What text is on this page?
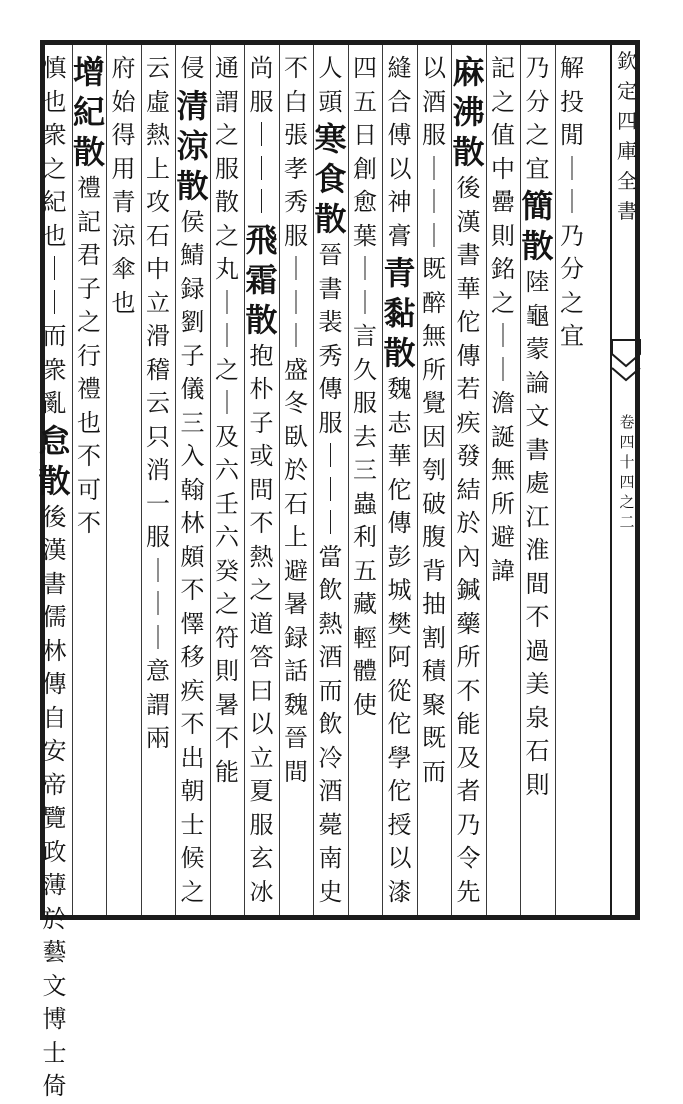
欽
定
四
庫
全
書
卷
四
十
四
之
二
解
投
閒
｜
｜
乃
分
之
宜
乃
分
之
宜
簡
散
陸
龜
蒙
論
文
書
處
江
淮
間
不
過
美
泉
石
則
記
之
值
中
罍
則
銘
之
｜
｜
澹
誕
無
所
避
諱
麻
沸
散
後
漢
書
華
佗
傳
若
疾
發
結
於
內
鍼
藥
所
不
能
及
者
乃
令
先
以
酒
服
｜
｜
｜
既
醉
無
所
覺
因
刳
破
腹
背
抽
割
積
聚
既
而
縫
合
傅
以
神
膏
青
黏
散
魏
志
華
佗
傳
彭
城
樊
阿
從
佗
學
佗
授
以
漆
四
五
日
創
愈
葉
｜
｜
言
久
服
去
三
蟲
利
五
藏
輕
體
使
人
頭
寒
食
散
晉
書
裴
秀
傳
服
｜
｜
｜
當
飲
熱
酒
而
飲
冷
酒
薨
南
史
不
白
張
孝
秀
服
｜
｜
｜
盛
冬
臥
於
石
上
避
暑
録
話
魏
晉
間
尚
服
｜
｜
｜
飛
霜
散
抱
朴
子
或
問
不
熱
之
道
答
曰
以
立
夏
服
玄
冰
通
謂
之
服
散
之
丸
｜
｜
之
｜
及
六
壬
六
癸
之
符
則
暑
不
能
侵
清
涼
散
侯
鯖
録
劉
子
儀
三
入
翰
林
頗
不
懌
移
疾
不
出
朝
士
候
之
云
虛
熱
上
攻
石
中
立
滑
稽
云
只
消
一
服
｜
｜
｜
意
謂
兩
府
始
得
用
青
涼
傘
也
增
紀
散
禮
記
君
子
之
行
禮
也
不
可
不
慎
也
衆
之
紀
也
｜
｜
而
衆
亂
怠
散
後
漢
書
儒
林
傳
自
安
帝
覽
政
薄
於
藝
文
博
士
倚
